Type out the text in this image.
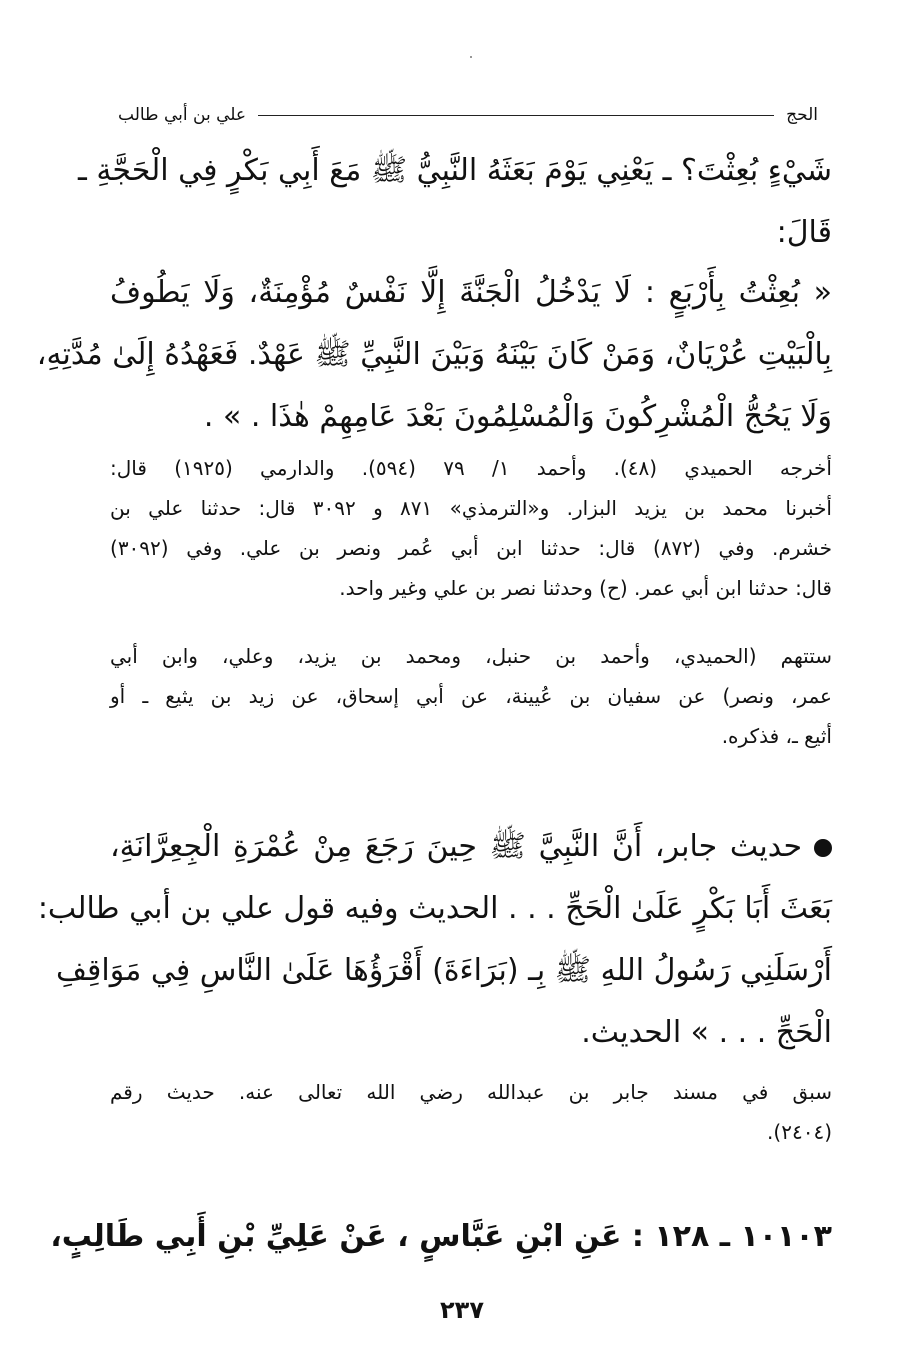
الحج
علي بن أبي طالب
شَيْءٍ بُعِثْتَ؟ ـ يَعْنِي يَوْمَ بَعَثَهُ النَّبِيُّ ﷺ مَعَ أَبِي بَكْرٍ فِي الْحَجَّةِ ـ
قَالَ:
« بُعِثْتُ بِأَرْبَعٍ : لَا يَدْخُلُ الْجَنَّةَ إِلَّا نَفْسٌ مُؤْمِنَةٌ، وَلَا يَطُوفُ
بِالْبَيْتِ عُرْيَانٌ، وَمَنْ كَانَ بَيْنَهُ وَبَيْنَ النَّبِيِّ ﷺ عَهْدٌ. فَعَهْدُهُ إِلَىٰ مُدَّتِهِ،
وَلَا يَحُجُّ الْمُشْرِكُونَ وَالْمُسْلِمُونَ بَعْدَ عَامِهِمْ هٰذَا . » .
أخرجه الحميدي (٤٨). وأحمد ١/ ٧٩ (٥٩٤). والدارمي (١٩٢٥) قال:
أخبرنا محمد بن يزيد البزار. و«الترمذي» ٨٧١ و ٣٠٩٢ قال: حدثنا علي بن
خشرم. وفي (٨٧٢) قال: حدثنا ابن أبي عُمر ونصر بن علي. وفي (٣٠٩٢)
قال: حدثنا ابن أبي عمر. (ح) وحدثنا نصر بن علي وغير واحد.
ستتهم (الحميدي، وأحمد بن حنبل، ومحمد بن يزيد، وعلي، وابن أبي
عمر، ونصر) عن سفيان بن عُيينة، عن أبي إسحاق، عن زيد بن يثيع ـ أو
أثيع ـ، فذكره.
حديث جابر، أَنَّ النَّبِيَّ ﷺ حِينَ رَجَعَ مِنْ عُمْرَةِ الْجِعِرَّانَةِ،
بَعَثَ أَبَا بَكْرٍ عَلَىٰ الْحَجِّ . . . الحديث وفيه قول علي بن أبي طالب:
أَرْسَلَنِي رَسُولُ اللهِ ﷺ بِـ (بَرَاءَةَ) أَقْرَؤُهَا عَلَىٰ النَّاسِ فِي مَوَاقِفِ
الْحَجِّ . . . » الحديث.
سبق في مسند جابر بن عبدالله رضي الله تعالى عنه. حديث رقم
(٢٤٠٤).
١٠١٠٣ ـ ١٢٨ : عَنِ ابْنِ عَبَّاسٍ ، عَنْ عَلِيِّ بْنِ أَبِي طَالِبٍ،
٢٣٧
